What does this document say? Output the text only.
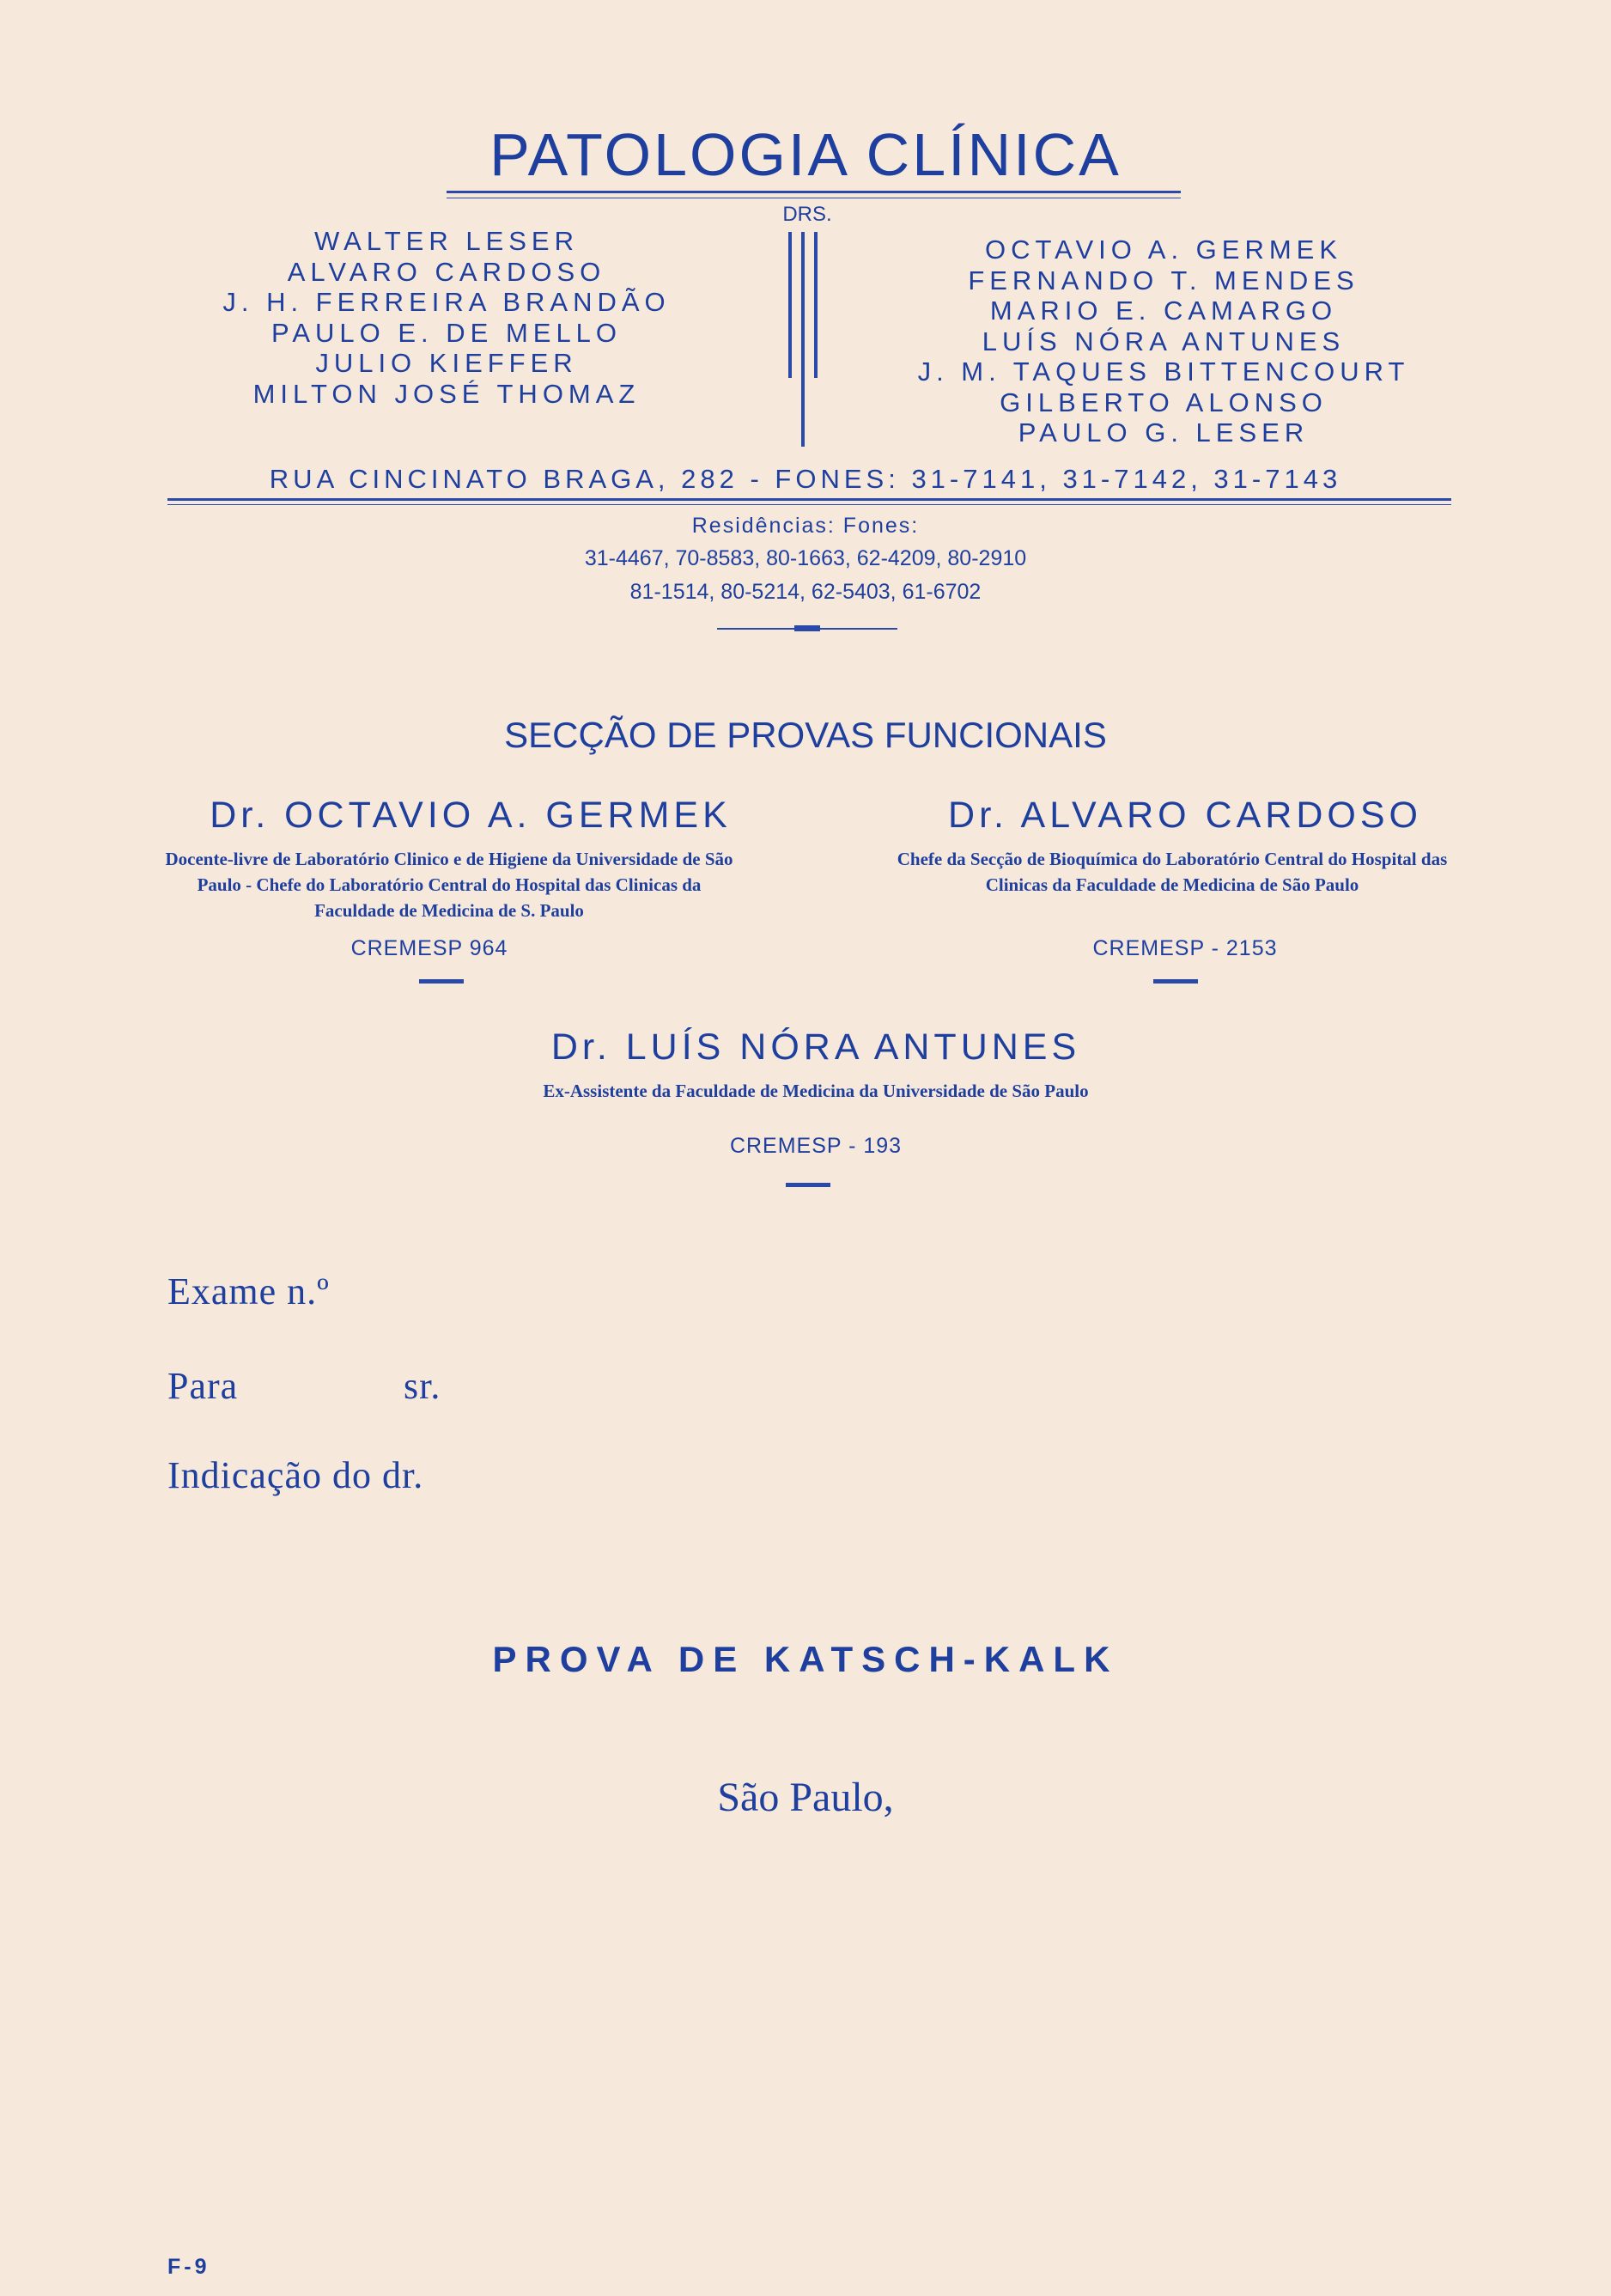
PATOLOGIA CLÍNICA
DRS.
WALTER LESER
ALVARO CARDOSO
J. H. FERREIRA BRANDÃO
PAULO E. DE MELLO
JULIO KIEFFER
MILTON JOSÉ THOMAZ
OCTAVIO A. GERMEK
FERNANDO T. MENDES
MARIO E. CAMARGO
LUÍS NÓRA ANTUNES
J. M. TAQUES BITTENCOURT
GILBERTO ALONSO
PAULO G. LESER
RUA CINCINATO BRAGA, 282 - FONES: 31-7141, 31-7142, 31-7143
Residências: Fones:
31-4467, 70-8583, 80-1663, 62-4209, 80-2910
81-1514, 80-5214, 62-5403, 61-6702
SECÇÃO DE PROVAS FUNCIONAIS
Dr. OCTAVIO A. GERMEK
Docente-livre de Laboratório Clinico e de Higiene da Universidade de São Paulo - Chefe do Laboratório Central do Hospital das Clinicas da Faculdade de Medicina de S. Paulo
CREMESP 964
Dr. ALVARO CARDOSO
Chefe da Secção de Bioquímica do Laboratório Central do Hospital das Clinicas da Faculdade de Medicina de São Paulo
CREMESP - 2153
Dr. LUÍS NÓRA ANTUNES
Ex-Assistente da Faculdade de Medicina da Universidade de São Paulo
CREMESP - 193
Exame n.º
Para	sr.
Indicação do dr.
PROVA DE KATSCH-KALK
São Paulo,
F-9
